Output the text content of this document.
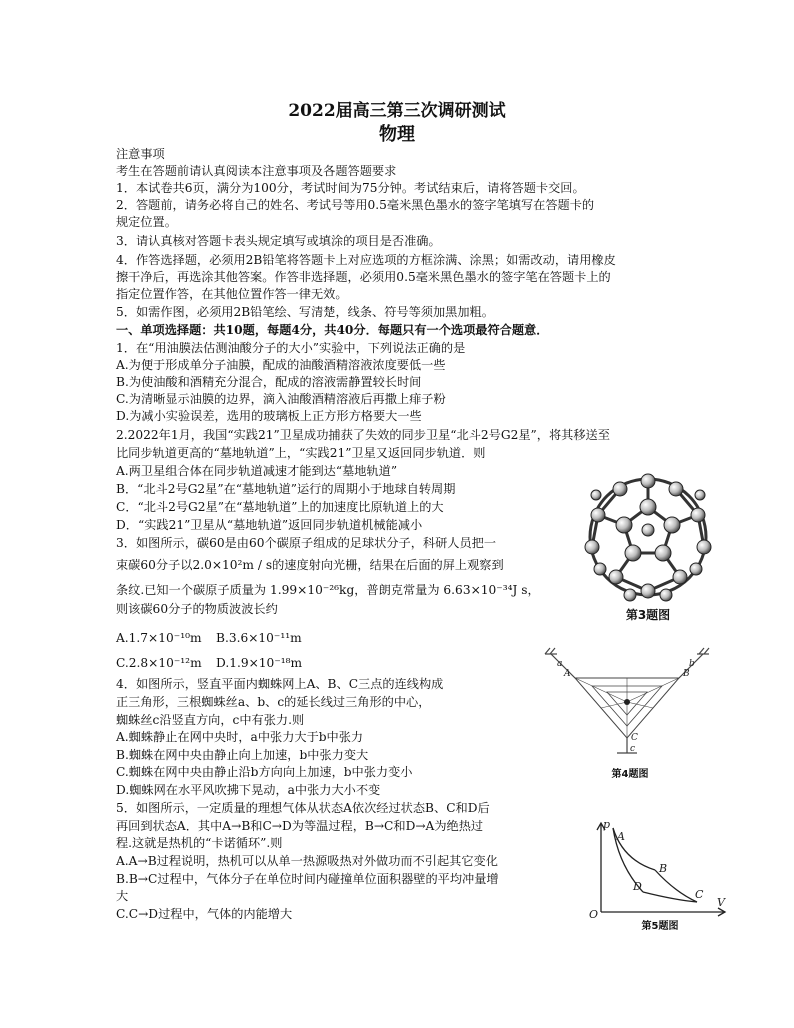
2022届高三第三次调研测试
物理
注意事项
考生在答题前请认真阅读本注意事项及各题答题要求
1．本试卷共6页，满分为100分，考试时间为75分钟。考试结束后，请将答题卡交回。
2．答题前，请务必将自己的姓名、考试号等用0.5毫米黑色墨水的签字笔填写在答题卡的
规定位置。
3．请认真核对答题卡表头规定填写或填涂的项目是否准确。
4．作答选择题，必须用2B铅笔将答题卡上对应选项的方框涂满、涂黑；如需改动，请用橡皮
擦干净后，再选涂其他答案。作答非选择题，必须用0.5毫米黑色墨水的签字笔在答题卡上的
指定位置作答，在其他位置作答一律无效。
5．如需作图，必须用2B铅笔绘、写清楚，线条、符号等须加黑加粗。
一、单项选择题：共10题，每题4分，共40分．每题只有一个选项最符合题意．
1．在“用油膜法估测油酸分子的大小”实验中，下列说法正确的是
A.为便于形成单分子油膜，配成的油酸酒精溶液浓度要低一些
B.为使油酸和酒精充分混合，配成的溶液需静置较长时间
C.为清晰显示油膜的边界，滴入油酸酒精溶液后再撒上痱子粉
D.为减小实验误差，选用的玻璃板上正方形方格要大一些
2.2022年1月，我国“实践21”卫星成功捕获了失效的同步卫星“北斗2号G2星”，将其移送至
比同步轨道更高的“墓地轨道”上，“实践21”卫星又返回同步轨道．则
A.两卫星组合体在同步轨道减速才能到达“墓地轨道”
B．“北斗2号G2星”在“墓地轨道”运行的周期小于地球自转周期
C．“北斗2号G2星”在“墓地轨道”上的加速度比原轨道上的大
D．“实践21”卫星从“墓地轨道”返回同步轨道机械能减小
3．如图所示，碳60是由60个碳原子组成的足球状分子，科研人员把一
束碳60分子以2.0×10²m / s的速度射向光栅，结果在后面的屏上观察到
条纹.已知一个碳原子质量为 1.99×10⁻²⁶kg，普朗克常量为 6.63×10⁻³⁴J s，
则该碳60分子的物质波波长约
A.1.7×10⁻¹⁰m B.3.6×10⁻¹¹m
C.2.8×10⁻¹²m D.1.9×10⁻¹⁸m
4．如图所示，竖直平面内蜘蛛网上A、B、C三点的连线构成
正三角形，三根蜘蛛丝a、b、c的延长线过三角形的中心，
蜘蛛丝c沿竖直方向，c中有张力.则
A.蜘蛛静止在网中央时，a中张力大于b中张力
B.蜘蛛在网中央由静止向上加速，b中张力变大
C.蜘蛛在网中央由静止沿b方向向上加速，b中张力变小
D.蜘蛛网在水平风吹拂下晃动，a中张力大小不变
5．如图所示，一定质量的理想气体从状态A依次经过状态B、C和D后
再回到状态A．其中A→B和C→D为等温过程，B→C和D→A为绝热过
程.这就是热机的“卡诺循环”.则
A.A→B过程说明，热机可以从单一热源吸热对外做功而不引起其它变化
B.B→C过程中，气体分子在单位时间内碰撞单位面积器壁的平均冲量增
大
C.C→D过程中，气体的内能增大
第3题图
a	b
A	B
C
c
第4题图
p
V
O
A
B
C
D
第5题图
